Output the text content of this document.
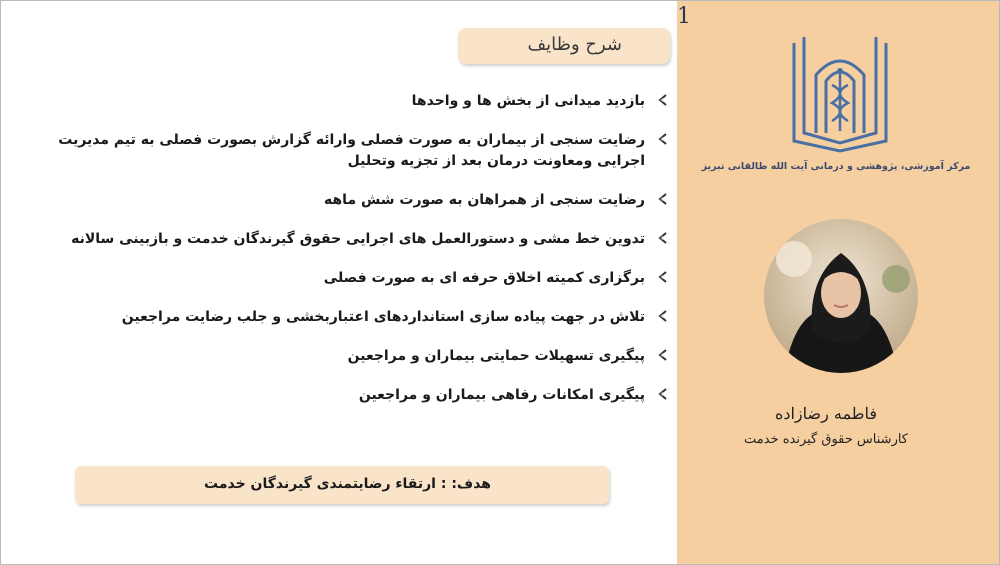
شرح وظایف
بازدید میدانی از بخش ها و واحدها
رضایت سنجی از بیماران به صورت فصلی وارائه گزارش بصورت فصلی به تیم مدیریت اجرایی ومعاونت درمان بعد از تجزیه وتحلیل
رضایت سنجی از همراهان به صورت شش ماهه
تدوین خط مشی و دستورالعمل های اجرایی حقوق گیرندگان خدمت و بازبینی سالانه
برگزاری کمیته اخلاق حرفه ای به صورت فصلی
تلاش در جهت پیاده سازی استانداردهای اعتباربخشی و جلب رضایت مراجعین
پیگیری تسهیلات حمایتی بیماران و مراجعین
پیگیری امکانات رفاهی بیماران و مراجعین
هدف: : ارتقاء رضایتمندی گیرندگان خدمت
1
مرکز آموزشی، پژوهشی و درمانی آیت الله طالقانی تبریز
فاطمه رضازاده
کارشناس حقوق گیرنده خدمت
